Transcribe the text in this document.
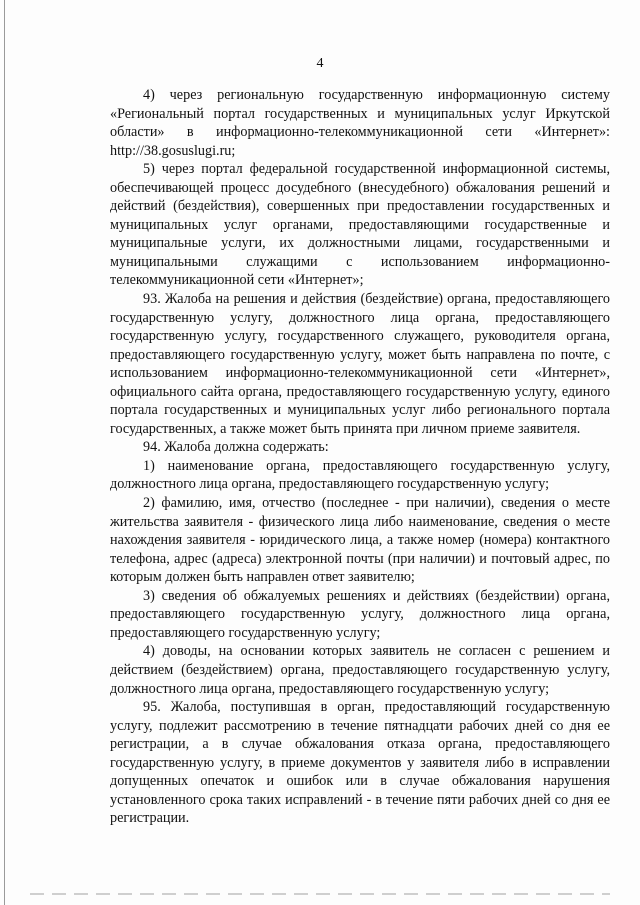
4

4) через региональную государственную информационную систему «Региональный портал государственных и муниципальных услуг Иркутской области» в информационно-телекоммуникационной сети «Интернет»: http://38.gosuslugi.ru;

5) через портал федеральной государственной информационной системы, обеспечивающей процесс досудебного (внесудебного) обжалования решений и действий (бездействия), совершенных при предоставлении государственных и муниципальных услуг органами, предоставляющими государственные и муниципальные услуги, их должностными лицами, государственными и муниципальными служащими с использованием информационно-телекоммуникационной сети «Интернет»;

93. Жалоба на решения и действия (бездействие) органа, предоставляющего государственную услугу, должностного лица органа, предоставляющего государственную услугу, государственного служащего, руководителя органа, предоставляющего государственную услугу, может быть направлена по почте, с использованием информационно-телекоммуникационной сети «Интернет», официального сайта органа, предоставляющего государственную услугу, единого портала государственных и муниципальных услуг либо регионального портала государственных, а также может быть принята при личном приеме заявителя.

94. Жалоба должна содержать:

1) наименование органа, предоставляющего государственную услугу, должностного лица органа, предоставляющего государственную услугу;

2) фамилию, имя, отчество (последнее - при наличии), сведения о месте жительства заявителя - физического лица либо наименование, сведения о месте нахождения заявителя - юридического лица, а также номер (номера) контактного телефона, адрес (адреса) электронной почты (при наличии) и почтовый адрес, по которым должен быть направлен ответ заявителю;

3) сведения об обжалуемых решениях и действиях (бездействии) органа, предоставляющего государственную услугу, должностного лица органа, предоставляющего государственную услугу;

4) доводы, на основании которых заявитель не согласен с решением и действием (бездействием) органа, предоставляющего государственную услугу, должностного лица органа, предоставляющего государственную услугу;

95. Жалоба, поступившая в орган, предоставляющий государственную услугу, подлежит рассмотрению в течение пятнадцати рабочих дней со дня ее регистрации, а в случае обжалования отказа органа, предоставляющего государственную услугу, в приеме документов у заявителя либо в исправлении допущенных опечаток и ошибок или в случае обжалования нарушения установленного срока таких исправлений - в течение пяти рабочих дней со дня ее регистрации.
